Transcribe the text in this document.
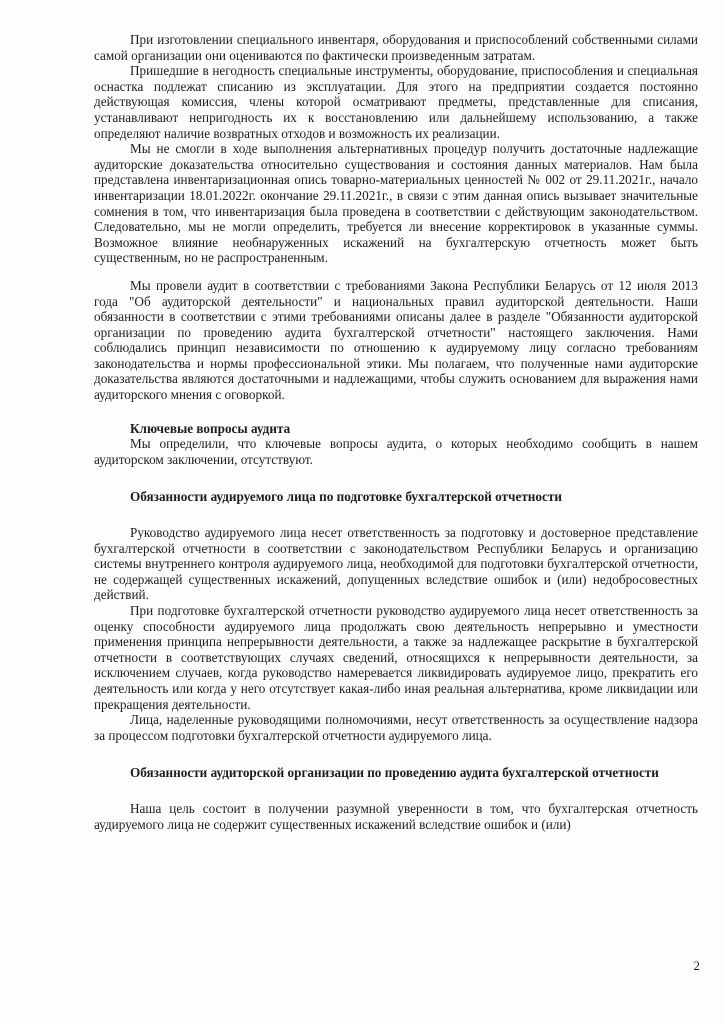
При изготовлении специального инвентаря, оборудования и приспособлений собственными силами самой организации они оцениваются по фактически произведенным затратам.

Пришедшие в негодность специальные инструменты, оборудование, приспособления и специальная оснастка подлежат списанию из эксплуатации. Для этого на предприятии создается постоянно действующая комиссия, члены которой осматривают предметы, представленные для списания, устанавливают непригодность их к восстановлению или дальнейшему использованию, а также определяют наличие возвратных отходов и возможность их реализации.

Мы не смогли в ходе выполнения альтернативных процедур получить достаточные надлежащие аудиторские доказательства относительно существования и состояния данных материалов. Нам была представлена инвентаризационная опись товарно-материальных ценностей № 002 от 29.11.2021г., начало инвентаризации 18.01.2022г. окончание 29.11.2021г., в связи с этим данная опись вызывает значительные сомнения в том, что инвентаризация была проведена в соответствии с действующим законодательством. Следовательно, мы не могли определить, требуется ли внесение корректировок в указанные суммы. Возможное влияние необнаруженных искажений на бухгалтерскую отчетность может быть существенным, но не распространенным.

Мы провели аудит в соответствии с требованиями Закона Республики Беларусь от 12 июля 2013 года "Об аудиторской деятельности" и национальных правил аудиторской деятельности. Наши обязанности в соответствии с этими требованиями описаны далее в разделе "Обязанности аудиторской организации по проведению аудита бухгалтерской отчетности" настоящего заключения. Нами соблюдались принцип независимости по отношению к аудируемому лицу согласно требованиям законодательства и нормы профессиональной этики. Мы полагаем, что полученные нами аудиторские доказательства являются достаточными и надлежащими, чтобы служить основанием для выражения нами аудиторского мнения с оговоркой.

Ключевые вопросы аудита

Мы определили, что ключевые вопросы аудита, о которых необходимо сообщить в нашем аудиторском заключении, отсутствуют.

Обязанности аудируемого лица по подготовке бухгалтерской отчетности

Руководство аудируемого лица несет ответственность за подготовку и достоверное представление бухгалтерской отчетности в соответствии с законодательством Республики Беларусь и организацию системы внутреннего контроля аудируемого лица, необходимой для подготовки бухгалтерской отчетности, не содержащей существенных искажений, допущенных вследствие ошибок и (или) недобросовестных действий.

При подготовке бухгалтерской отчетности руководство аудируемого лица несет ответственность за оценку способности аудируемого лица продолжать свою деятельность непрерывно и уместности применения принципа непрерывности деятельности, а также за надлежащее раскрытие в бухгалтерской отчетности в соответствующих случаях сведений, относящихся к непрерывности деятельности, за исключением случаев, когда руководство намеревается ликвидировать аудируемое лицо, прекратить его деятельность или когда у него отсутствует какая-либо иная реальная альтернатива, кроме ликвидации или прекращения деятельности.

Лица, наделенные руководящими полномочиями, несут ответственность за осуществление надзора за процессом подготовки бухгалтерской отчетности аудируемого лица.

Обязанности аудиторской организации по проведению аудита бухгалтерской отчетности

Наша цель состоит в получении разумной уверенности в том, что бухгалтерская отчетность аудируемого лица не содержит существенных искажений вследствие ошибок и (или)

2
